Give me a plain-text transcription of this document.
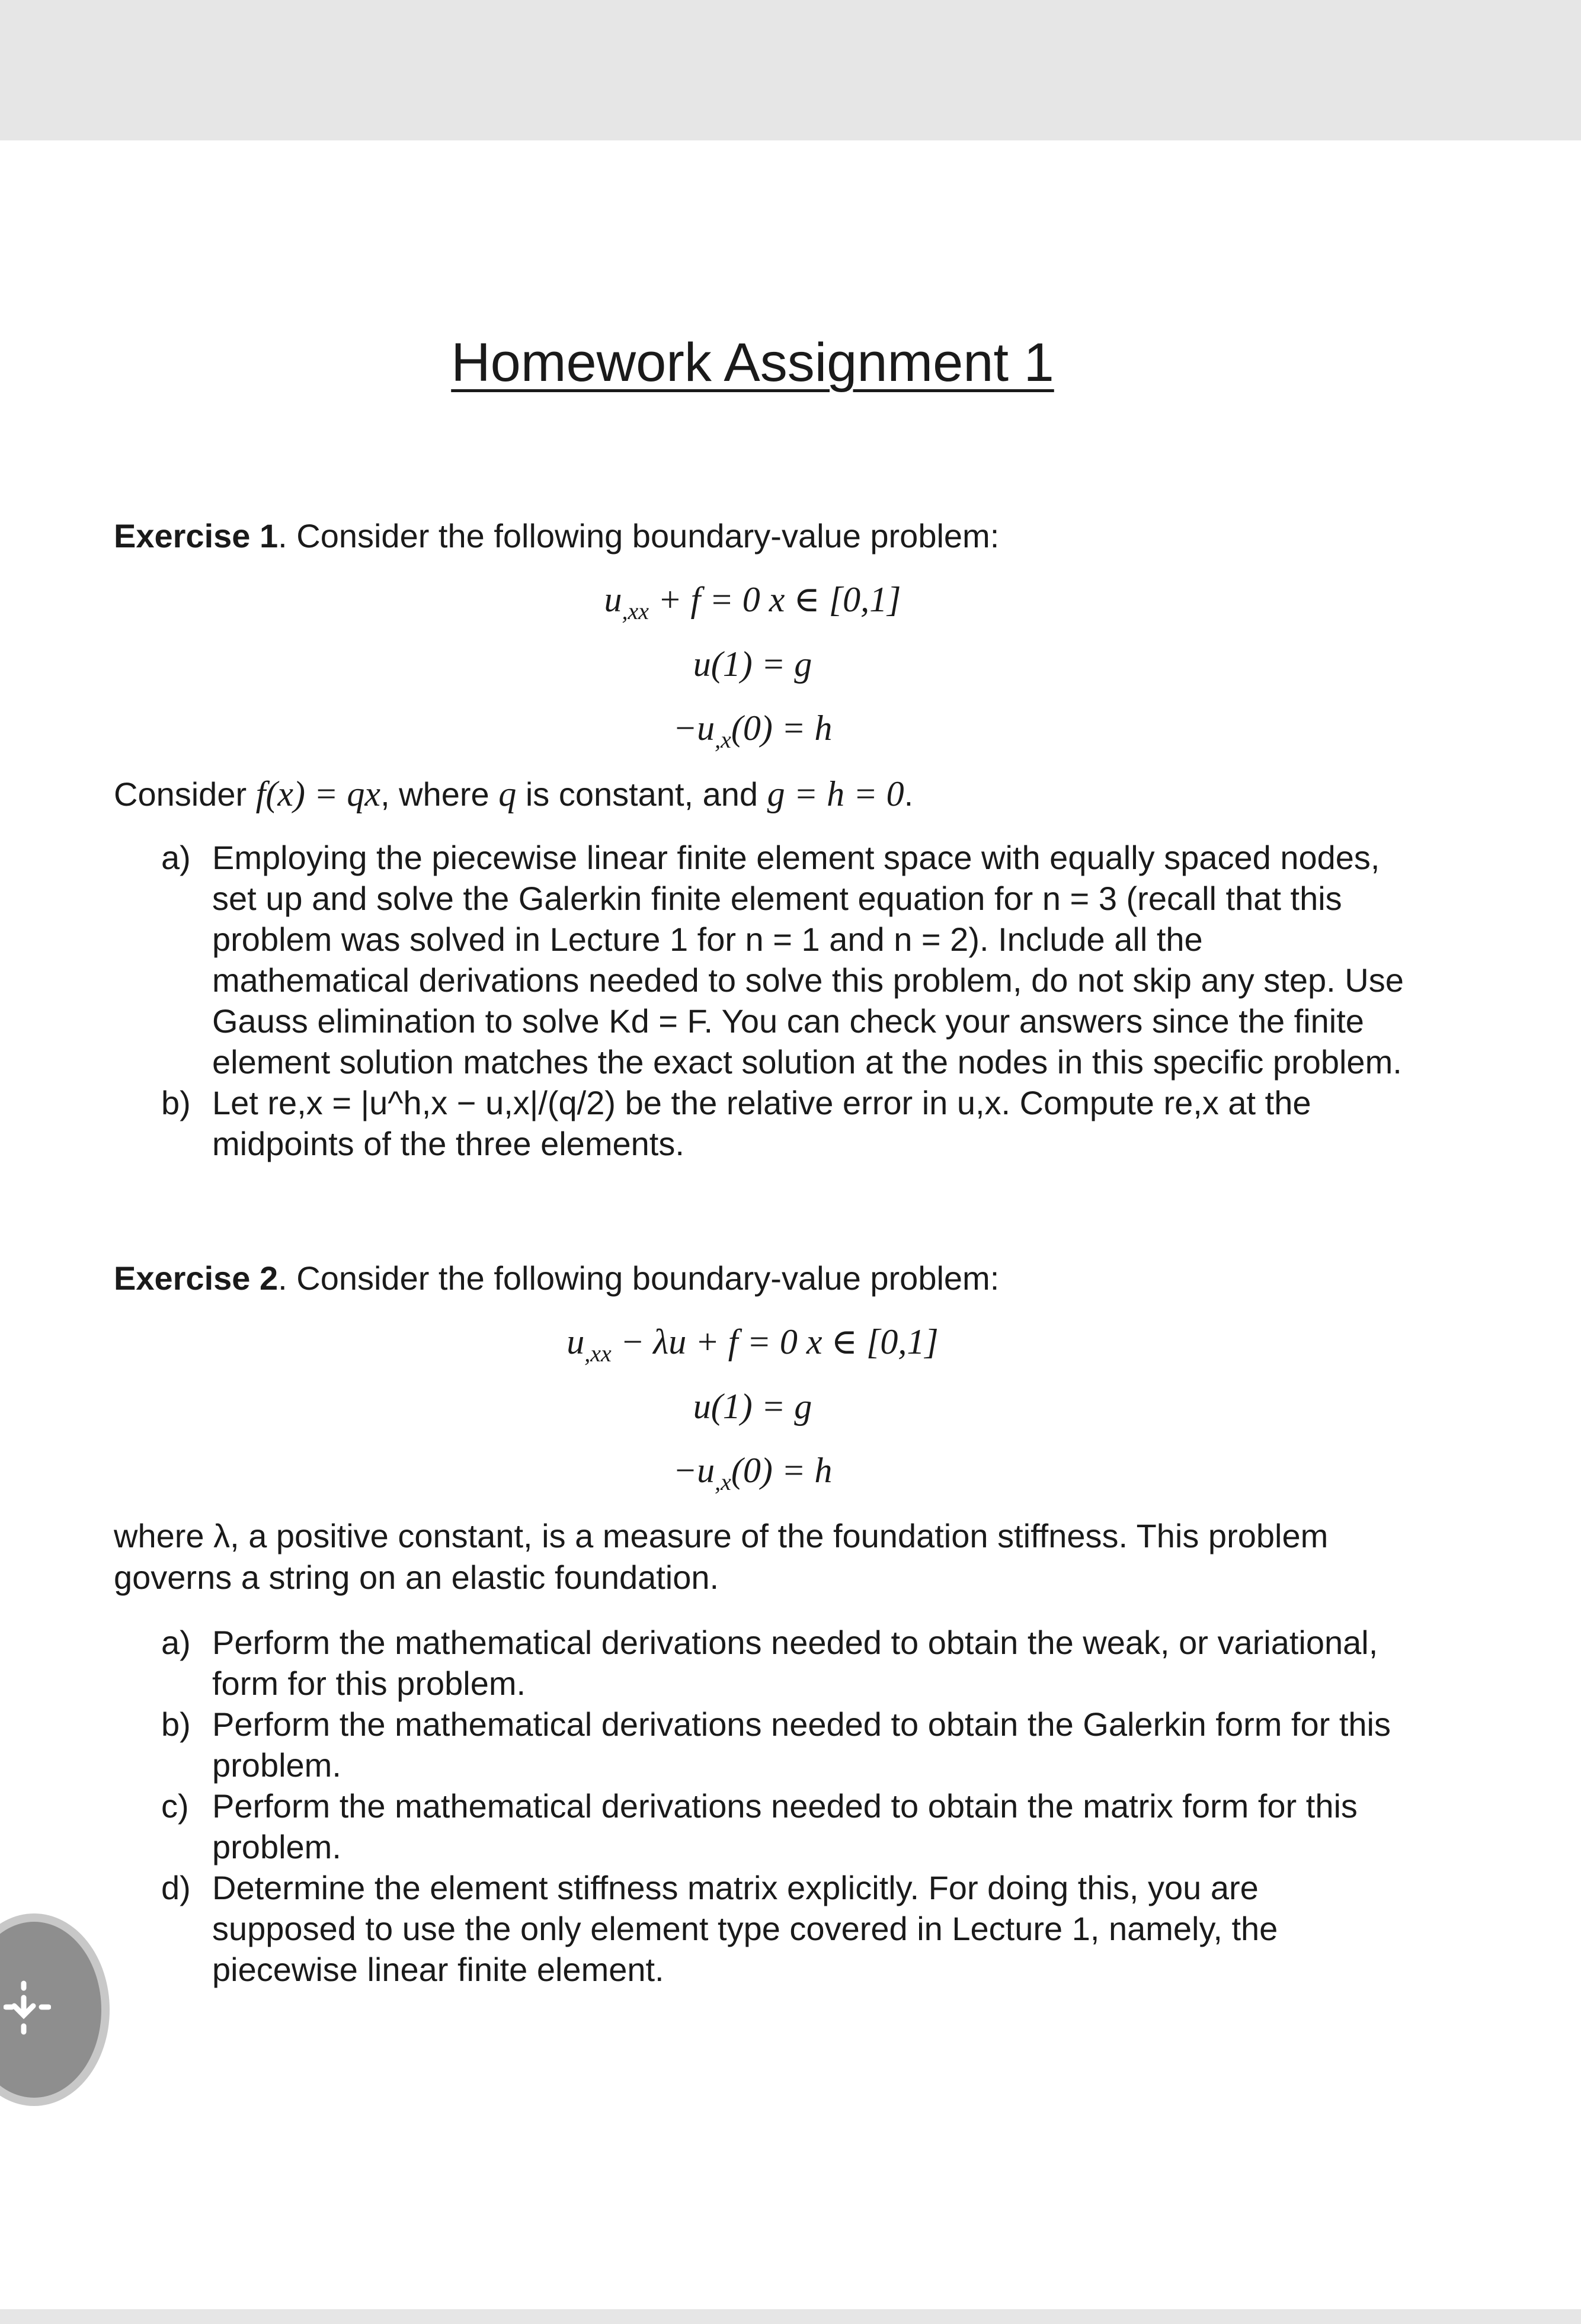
Homework Assignment 1
Exercise 1. Consider the following boundary-value problem:
$u_{,xx} + f = 0$ x ∈ [0,1]
u(1) = g
$-u_{,x}(0) = h$
Consider f(x) = qx, where q is constant, and g = h = 0.
a) Employing the piecewise linear finite element space with equally spaced nodes,
set up and solve the Galerkin finite element equation for n = 3 (recall that this
problem was solved in Lecture 1 for n = 1 and n = 2). Include all the
mathematical derivations needed to solve this problem, do not skip any step. Use
Gauss elimination to solve Kd = F. You can check your answers since the finite
element solution matches the exact solution at the nodes in this specific problem.
b) Let re,x = |u^h,x − u,x|/(q/2) be the relative error in u,x. Compute re,x at the
midpoints of the three elements.
Exercise 2. Consider the following boundary-value problem:
$u_{,xx} - \lambda u + f = 0$ x ∈ [0,1]
u(1) = g
$-u_{,x}(0) = h$
where λ, a positive constant, is a measure of the foundation stiffness. This problem
governs a string on an elastic foundation.
a) Perform the mathematical derivations needed to obtain the weak, or variational,
form for this problem.
b) Perform the mathematical derivations needed to obtain the Galerkin form for this
problem.
c) Perform the mathematical derivations needed to obtain the matrix form for this
problem.
d) Determine the element stiffness matrix explicitly. For doing this, you are
supposed to use the only element type covered in Lecture 1, namely, the
piecewise linear finite element.
